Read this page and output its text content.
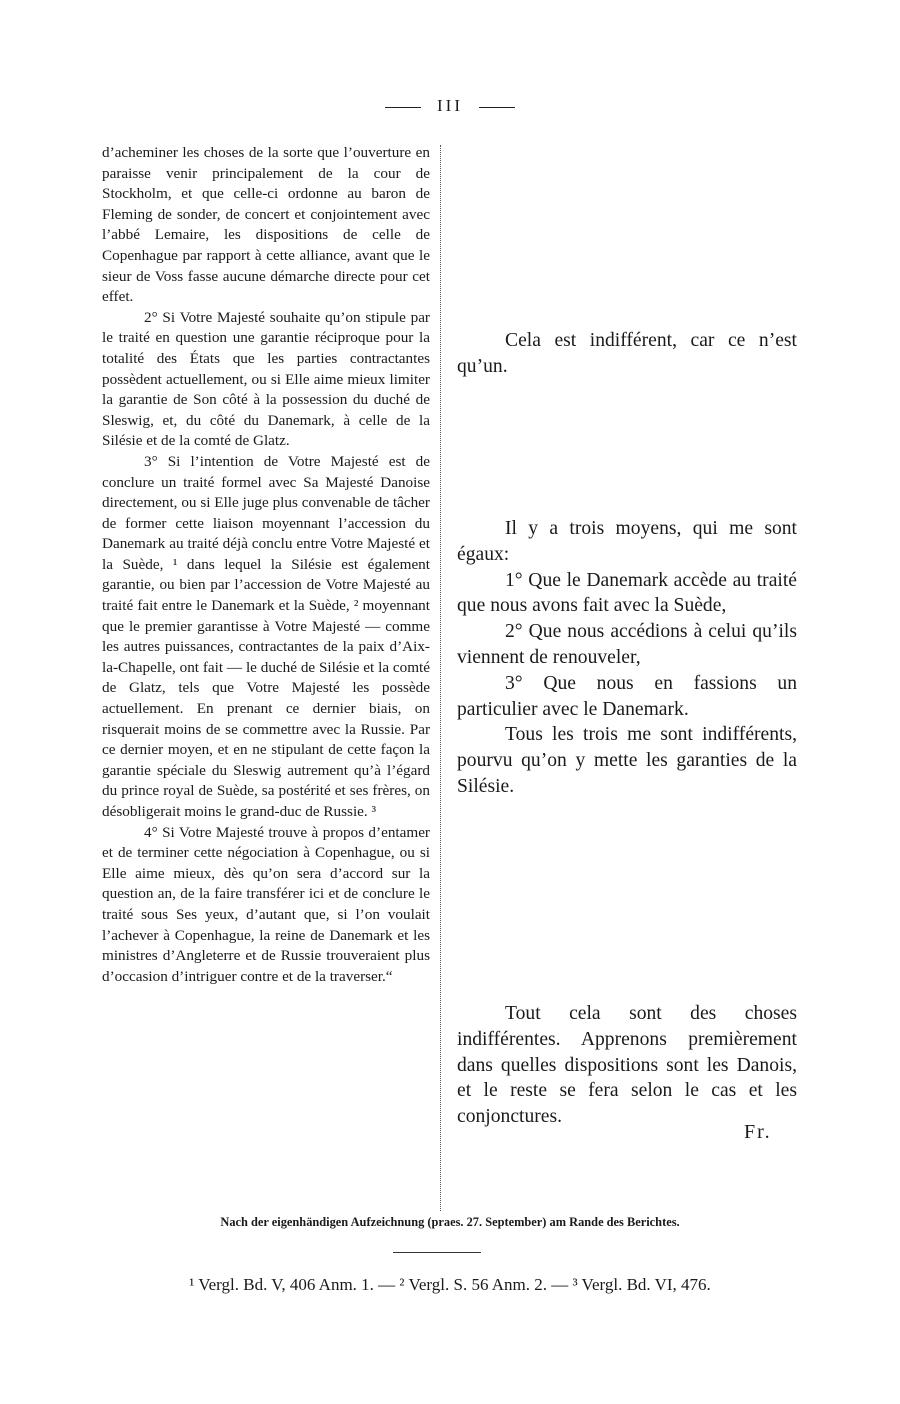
III

d’acheminer les choses de la sorte que l’ouverture en paraisse venir principalement de la cour de Stockholm, et que celle-ci ordonne au baron de Fleming de sonder, de concert et conjointement avec l’abbé Lemaire, les dispositions de celle de Copenhague par rapport à cette alliance, avant que le sieur de Voss fasse aucune démarche directe pour cet effet.

2° Si Votre Majesté souhaite qu’on stipule par le traité en question une garantie réciproque pour la totalité des États que les parties contractantes possèdent actuellement, ou si Elle aime mieux limiter la garantie de Son côté à la possession du duché de Sleswig, et, du côté du Danemark, à celle de la Silésie et de la comté de Glatz.

3° Si l’intention de Votre Majesté est de conclure un traité formel avec Sa Majesté Danoise directement, ou si Elle juge plus convenable de tâcher de former cette liaison moyennant l’accession du Danemark au traité déjà conclu entre Votre Majesté et la Suède, ¹ dans lequel la Silésie est également garantie, ou bien par l’accession de Votre Majesté au traité fait entre le Danemark et la Suède, ² moyennant que le premier garantisse à Votre Majesté — comme les autres puissances, contractantes de la paix d’Aix-la-Chapelle, ont fait — le duché de Silésie et la comté de Glatz, tels que Votre Majesté les possède actuellement. En prenant ce dernier biais, on risquerait moins de se commettre avec la Russie. Par ce dernier moyen, et en ne stipulant de cette façon la garantie spéciale du Sleswig autrement qu’à l’égard du prince royal de Suède, sa postérité et ses frères, on désobligerait moins le grand-duc de Russie. ³

4° Si Votre Majesté trouve à propos d’entamer et de terminer cette négociation à Copenhague, ou si Elle aime mieux, dès qu’on sera d’accord sur la question an, de la faire transférer ici et de conclure le traité sous Ses yeux, d’autant que, si l’on voulait l’achever à Copenhague, la reine de Danemark et les ministres d’Angleterre et de Russie trouveraient plus d’occasion d’intriguer contre et de la traverser.“

Cela est indifférent, car ce n’est qu’un.

Il y a trois moyens, qui me sont égaux:

1° Que le Danemark accède au traité que nous avons fait avec la Suède,

2° Que nous accédions à celui qu’ils viennent de renouveler,

3° Que nous en fassions un particulier avec le Danemark.

Tous les trois me sont indifférents, pourvu qu’on y mette les garanties de la Silésie.

Tout cela sont des choses indifférentes. Apprenons premièrement dans quelles dispositions sont les Danois, et le reste se fera selon le cas et les conjonctures.

Fr.
Nach der eigenhändigen Aufzeichnung (praes. 27. September) am Rande des Berichtes.
¹ Vergl. Bd. V, 406 Anm. 1. — ² Vergl. S. 56 Anm. 2. — ³ Vergl. Bd. VI, 476.
